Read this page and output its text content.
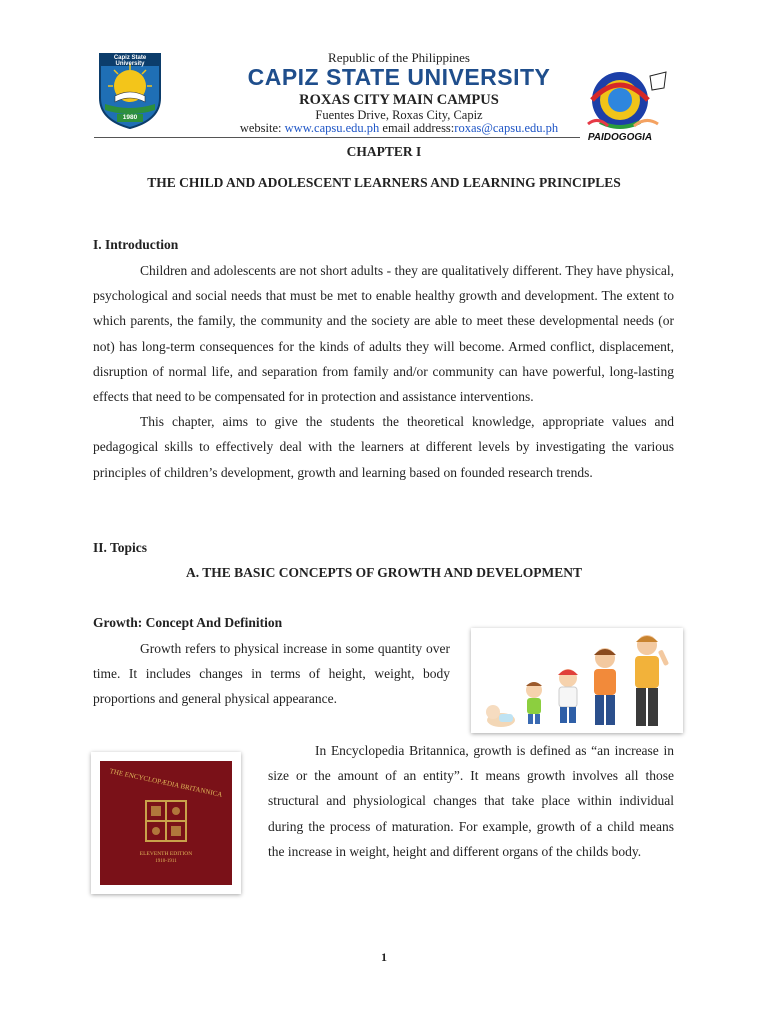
Capiz State University
1980
Republic of the Philippines
CAPIZ STATE UNIVERSITY
ROXAS CITY MAIN CAMPUS
Fuentes Drive, Roxas City, Capiz
website: www.capsu.edu.ph email address:roxas@capsu.edu.ph
PAIDOGOGIA
CHAPTER I
THE CHILD AND ADOLESCENT LEARNERS AND LEARNING PRINCIPLES
I. Introduction

Children and adolescents are not short adults - they are qualitatively different. They have physical, psychological and social needs that must be met to enable healthy growth and development. The extent to which parents, the family, the community and the society are able to meet these developmental needs (or not) has long-term consequences for the kinds of adults they will become. Armed conflict, displacement, disruption of normal life, and separation from family and/or community can have powerful, long-lasting effects that need to be compensated for in protection and assistance interventions.

This chapter, aims to give the students the theoretical knowledge, appropriate values and pedagogical skills to effectively deal with the learners at different levels by investigating the various principles of children’s development, growth and learning based on founded research trends.

II. Topics
A. THE BASIC CONCEPTS OF GROWTH AND DEVELOPMENT
Growth: Concept And Definition

Growth refers to physical increase in some quantity over time. It includes changes in terms of height, weight, body proportions and general physical appearance.

THE ENCYCLOPÆDIA BRITANNICA
ELEVENTH EDITION
1910-1911

In Encyclopedia Britannica, growth is defined as “an increase in size or the amount of an entity”. It means growth involves all those structural and physiological changes that take place within individual during the process of maturation. For example, growth of a child means the increase in weight, height and different organs of the childs body.

1
